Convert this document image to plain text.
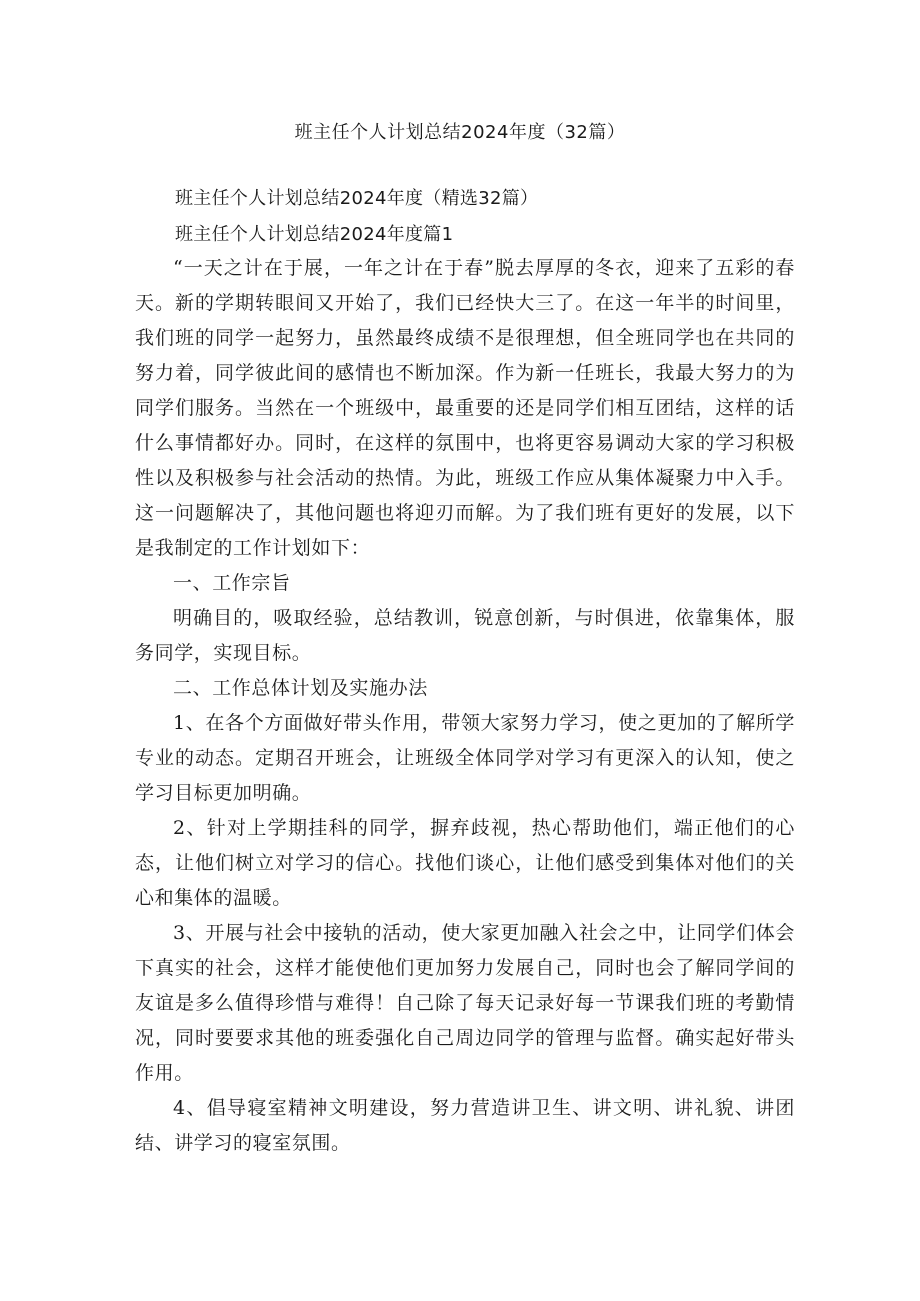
班主任个人计划总结2024年度（32篇）
班主任个人计划总结2024年度（精选32篇）
班主任个人计划总结2024年度篇1

“一天之计在于展，一年之计在于春”脱去厚厚的冬衣，迎来了五彩的春天。新的学期转眼间又开始了，我们已经快大三了。在这一年半的时间里，我们班的同学一起努力，虽然最终成绩不是很理想，但全班同学也在共同的努力着，同学彼此间的感情也不断加深。作为新一任班长，我最大努力的为同学们服务。当然在一个班级中，最重要的还是同学们相互团结，这样的话什么事情都好办。同时，在这样的氛围中，也将更容易调动大家的学习积极性以及积极参与社会活动的热情。为此，班级工作应从集体凝聚力中入手。这一问题解决了，其他问题也将迎刃而解。为了我们班有更好的发展，以下是我制定的工作计划如下：

一、工作宗旨

明确目的，吸取经验，总结教训，锐意创新，与时俱进，依靠集体，服务同学，实现目标。

二、工作总体计划及实施办法

1、在各个方面做好带头作用，带领大家努力学习，使之更加的了解所学专业的动态。定期召开班会，让班级全体同学对学习有更深入的认知，使之学习目标更加明确。

2、针对上学期挂科的同学，摒弃歧视，热心帮助他们，端正他们的心态，让他们树立对学习的信心。找他们谈心，让他们感受到集体对他们的关心和集体的温暖。

3、开展与社会中接轨的活动，使大家更加融入社会之中，让同学们体会下真实的社会，这样才能使他们更加努力发展自己，同时也会了解同学间的友谊是多么值得珍惜与难得！自己除了每天记录好每一节课我们班的考勤情况，同时要要求其他的班委强化自己周边同学的管理与监督。确实起好带头作用。

4、倡导寝室精神文明建设，努力营造讲卫生、讲文明、讲礼貌、讲团结、讲学习的寝室氛围。
